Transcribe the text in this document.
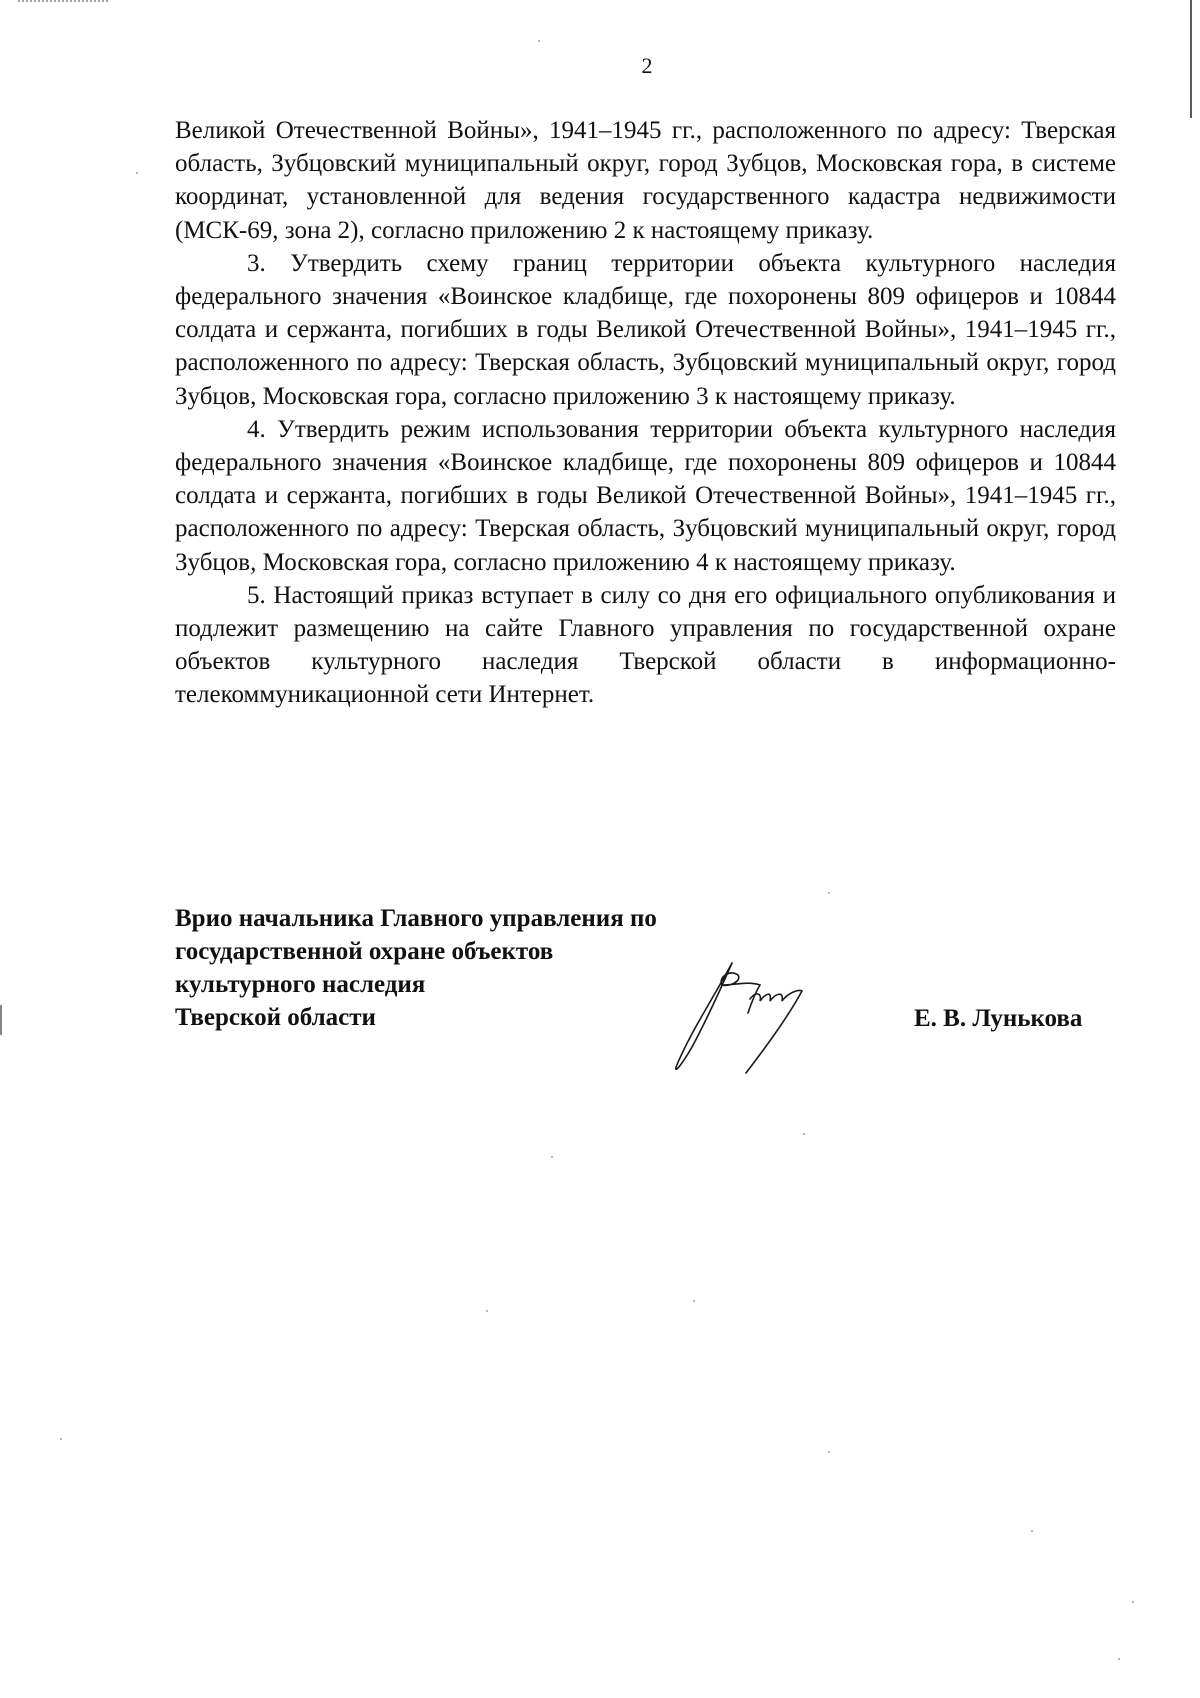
2

Великой Отечественной Войны», 1941–1945 гг., расположенного по адресу: Тверская область, Зубцовский муниципальный округ, город Зубцов, Московская гора, в системе координат, установленной для ведения государственного кадастра недвижимости (МСК-69, зона 2), согласно приложению 2 к настоящему приказу.

3. Утвердить схему границ территории объекта культурного наследия федерального значения «Воинское кладбище, где похоронены 809 офицеров и 10844 солдата и сержанта, погибших в годы Великой Отечественной Войны», 1941–1945 гг., расположенного по адресу: Тверская область, Зубцовский муниципальный округ, город Зубцов, Московская гора, согласно приложению 3 к настоящему приказу.

4. Утвердить режим использования территории объекта культурного наследия федерального значения «Воинское кладбище, где похоронены 809 офицеров и 10844 солдата и сержанта, погибших в годы Великой Отечественной Войны», 1941–1945 гг., расположенного по адресу: Тверская область, Зубцовский муниципальный округ, город Зубцов, Московская гора, согласно приложению 4 к настоящему приказу.

5. Настоящий приказ вступает в силу со дня его официального опубликования и подлежит размещению на сайте Главного управления по государственной охране объектов культурного наследия Тверской области в информационно-телекоммуникационной сети Интернет.

Врио начальника Главного управления по
государственной охране объектов
культурного наследия
Тверской области	Е. В. Лунькова
